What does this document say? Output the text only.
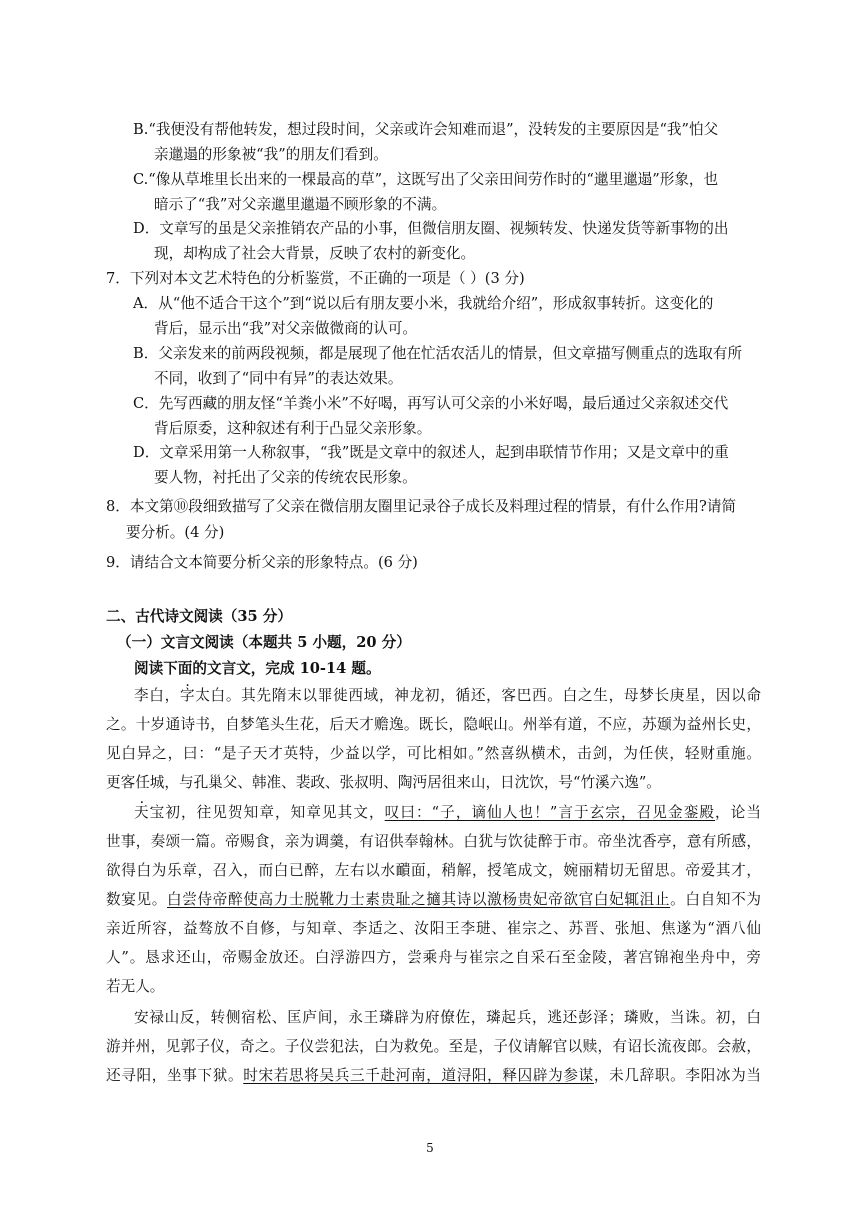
B.“我便没有帮他转发，想过段时间，父亲或许会知难而退”，没转发的主要原因是“我”怕父
亲邋遢的形象被“我”的朋友们看到。
C.“像从草堆里长出来的一棵最高的草”，这既写出了父亲田间劳作时的“邋里邋遢”形象，也
暗示了“我”对父亲邋里邋遢不顾形象的不满。
D．文章写的虽是父亲推销农产品的小事，但微信朋友圈、视频转发、快递发货等新事物的出
现，却构成了社会大背景，反映了农村的新变化。
7．下列对本文艺术特色的分析鉴赏，不正确的一项是（ ）(3 分)
A．从“他不适合干这个”到“说以后有朋友要小米，我就给介绍”，形成叙事转折。这变化的
背后，显示出“我”对父亲做微商的认可。
B．父亲发来的前两段视频，都是展现了他在忙活农活儿的情景，但文章描写侧重点的选取有所
不同，收到了“同中有异”的表达效果。
C．先写西藏的朋友怪“羊粪小米”不好喝，再写认可父亲的小米好喝，最后通过父亲叙述交代
背后原委，这种叙述有利于凸显父亲形象。
D．文章采用第一人称叙事，“我”既是文章中的叙述人，起到串联情节作用；又是文章中的重
要人物，衬托出了父亲的传统农民形象。
8．本文第⑩段细致描写了父亲在微信朋友圈里记录谷子成长及料理过程的情景，有什么作用?请简
要分析。(4 分)
9．请结合文本简要分析父亲的形象特点。(6 分)
二、古代诗文阅读（35 分）
（一）文言文阅读（本题共 5 小题，20 分）
阅读下面的文言文，完成 10-14 题。
李白，字太白。其先隋末以罪徙西域，神龙初，循还，客巴西。白之生，母梦长庚星，因以命
之。十岁通诗书，自梦笔头生花，后天才赡逸。既长，隐岷山。州举有道，不应，苏颋为益州长史，
见白异之，曰：“是子天才英特，少益以学，可比相如。”然喜纵横术，击剑，为任侠，轻财重施。
更客任城，与孔巢父、韩准、裴政、张叔明、陶沔居徂来山，日沈饮，号“竹溪六逸”。
天宝初，往见贺知章，知章见其文，叹曰：“子，谪仙人也！”言于玄宗，召见金銮殿，论当
世事，奏颂一篇。帝赐食，亲为调羹，有诏供奉翰林。白犹与饮徒醉于市。帝坐沈香亭，意有所感，
欲得白为乐章，召入，而白已醉，左右以水靧面，稍解，授笔成文，婉丽精切无留思。帝爱其才，
数宴见。白尝侍帝醉使高力士脱靴力士素贵耻之擿其诗以激杨贵妃帝欲官白妃辄沮止。白自知不为
亲近所容，益骜放不自修，与知章、李适之、汝阳王李琎、崔宗之、苏晋、张旭、焦遂为“酒八仙
人”。恳求还山，帝赐金放还。白浮游四方，尝乘舟与崔宗之自采石至金陵，著宫锦袍坐舟中，旁
若无人。
安禄山反，转侧宿松、匡庐间，永王璘辟为府僚佐，璘起兵，逃还彭泽；璘败，当诛。初，白
游并州，见郭子仪，奇之。子仪尝犯法，白为救免。至是，子仪请解官以赎，有诏长流夜郎。会赦，
还寻阳，坐事下狱。时宋若思将吴兵三千赴河南，道浔阳，释囚辟为参谋，未几辞职。李阳冰为当
5
